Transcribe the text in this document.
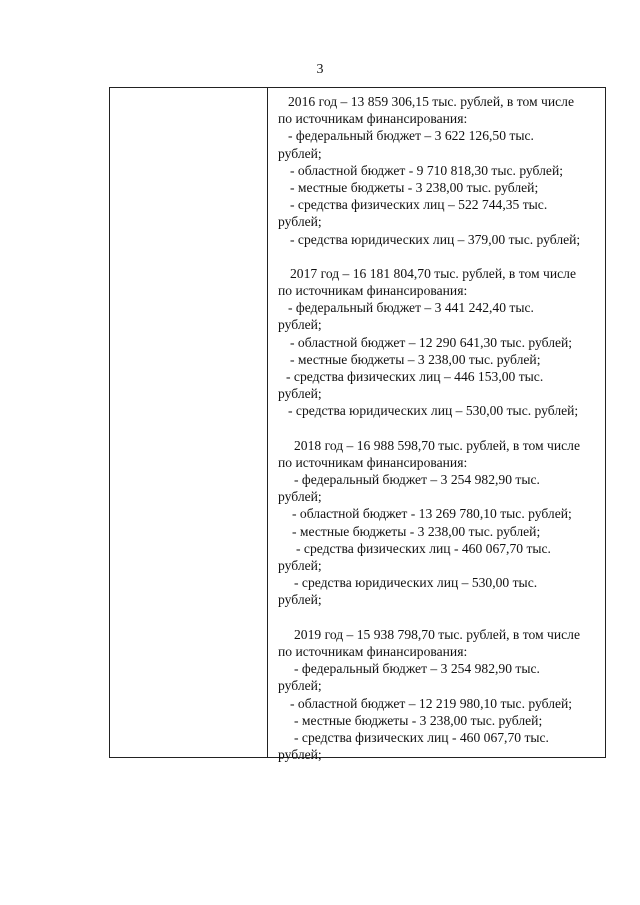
3
2016 год – 13 859 306,15 тыс. рублей, в том числе
по источникам финансирования:
- федеральный бюджет – 3 622 126,50 тыс.
рублей;
- областной бюджет - 9 710 818,30 тыс. рублей;
- местные бюджеты - 3 238,00 тыс. рублей;
- средства физических лиц – 522 744,35 тыс.
рублей;
- средства юридических лиц – 379,00 тыс. рублей;
2017 год – 16 181 804,70 тыс. рублей, в том числе
по источникам финансирования:
- федеральный бюджет – 3 441 242,40 тыс.
рублей;
- областной бюджет – 12 290 641,30 тыс. рублей;
- местные бюджеты – 3 238,00 тыс. рублей;
- средства физических лиц – 446 153,00 тыс.
рублей;
- средства юридических лиц – 530,00 тыс. рублей;
2018 год – 16 988 598,70 тыс. рублей, в том числе
по источникам финансирования:
- федеральный бюджет – 3 254 982,90 тыс.
рублей;
- областной бюджет - 13 269 780,10 тыс. рублей;
- местные бюджеты - 3 238,00 тыс. рублей;
- средства физических лиц - 460 067,70 тыс.
рублей;
- средства юридических лиц – 530,00 тыс.
рублей;
2019 год – 15 938 798,70 тыс. рублей, в том числе
по источникам финансирования:
- федеральный бюджет – 3 254 982,90 тыс.
рублей;
- областной бюджет – 12 219 980,10 тыс. рублей;
- местные бюджеты - 3 238,00 тыс. рублей;
- средства физических лиц - 460 067,70 тыс.
рублей;
